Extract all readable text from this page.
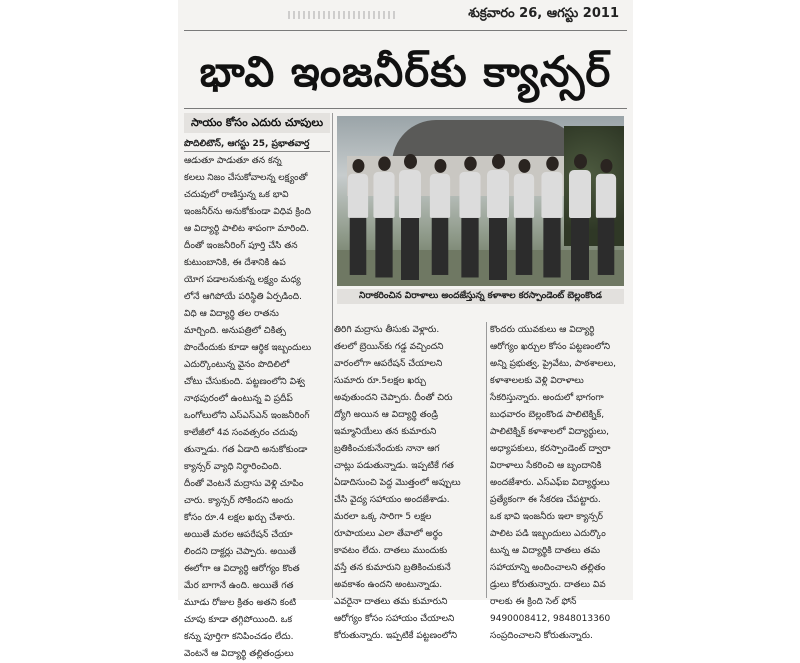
శుక్రవారం 26, ఆగస్టు 2011
భావి ఇంజనీర్‌కు క్యాన్సర్
సాయం కోసం ఎదురు చూపులు
పొదిలిటౌన్, ఆగస్టు 25, ప్రభాతవార్త
నిరాకరించిన విరాళాలు అందజేస్తున్న కళాశాల కరస్పాండెంట్ బెల్లంకొండ

ఆడుతూ పాడుతూ తన కన్న

కలలు నిజం చేసుకోవాలన్న లక్ష్యంతో

చదువులో రాణిస్తున్న ఒక భావి

ఇంజనీర్‌ను అనుకోకుండా విధివ క్రింది

ఆ విద్యార్థి పాలిట శాపంగా మారింది.

దీంతో ఇంజనీరింగ్ పూర్తి చేసి తన

కుటుంబానికి, ఈ దేశానికి ఉప

యోగ పడాలనుకున్న లక్ష్యం మధ్య

లోనే ఆగిపోయే పరిస్థితి ఏర్పడింది.

విధి ఆ విద్యార్థి తల రాతను

మార్చింది. అనుపత్రిలో చికిత్స

పొందేందుకు కూడా ఆర్థిక ఇబ్బందులు

ఎదుర్కొంటున్న వైనం పొదిలిలో

చోటు చేసుకుంది. పట్టణంలోని విశ్వ

నాథపురంలో ఉంటున్న వి ప్రదీప్

ఒంగోలులోని ఎస్‌ఎస్‌ఎన్ ఇంజనీరింగ్

కాలేజీలో 4వ సంవత్సరం చదువు

తున్నాడు. గత ఏడాది అనుకోకుండా

క్యాన్సర్ వ్యాధి నిర్ధారించింది.

దీంతో వెంటనే మద్రాసు వెళ్లి చూపిం

చారు. క్యాన్సర్ సోకిందని అందు

కోసం రూ.4 లక్షల ఖర్చు చేశారు.

అయితే మరల ఆపరేషన్ చేయా

లిందని దాక్టర్లు చెప్పారు. అయితే

ఈలోగా ఆ విద్యార్థి ఆరోగ్యం కొంత

మేర బాగానే ఉంది. అయితే గత

మూడు రోజుల క్రితం అతని కంటి

చూపు కూడా తగ్గిపోయింది. ఒక

కన్ను పూర్తిగా కనిపించడం లేదు.

వెంటనే ఆ విద్యార్థి తల్లితండ్రులు

తిరిగి మద్రాసు తీసుకు వెళ్లారు.

తలలో బ్రెయిన్‌కు గడ్డ వచ్చిందని

వారంలోగా ఆపరేషన్ చేయాలని

సుమారు రూ.5లక్షల ఖర్చు

అవుతుందని చెప్పారు. దీంతో చిరు

ద్యోగి అయిన ఆ విద్యార్థి తండ్రి

ఇమ్మానియేలు తన కుమారుని

బ్రతికించుకునేందుకు నానా ఆగ

చాట్లు పడుతున్నాడు. ఇప్పటికే గత

ఏడాదిసుంచి పెద్ద మొత్తంలో అప్పులు

చేసి వైద్య సహాయం అందజేశాడు.

మరలా ఒక్క సారిగా 5 లక్షల

రూపాయలు ఎలా తేవాలో అర్థం

కావటం లేదు. దాతలు ముందుకు

వస్తే తన కుమారుని బ్రతికించుకునే

అవకాశం ఉందని అంటున్నాడు.

ఎవరైనా దాతలు తమ కుమారుని

ఆరోగ్యం కోసం సహాయం చేయాలని

కోరుతున్నారు. ఇప్పటికే పట్టణంలోని

కొందరు యువకులు ఆ విద్యార్థి

ఆరోగ్యం ఖర్చుల కోసం పట్టణంలోని

అన్ని ప్రభుత్వ, ప్రైవేటు, పాఠశాలలు,

కళాశాలలకు వెళ్లి విరాళాలు

సేకరిస్తున్నారు. అందులో భాగంగా

బుధవారం బెల్లంకొండ పాలిటెక్నిక్,

పాలిటెక్నిక్ కళాశాలలో విద్యార్థులు,

అధ్యాపకులు, కరస్పాండెంట్ ద్వారా

విరాళాలు సేకరించి ఆ బృందానికి

అందజేశారు. ఎస్‌ఎఫ్‌ఐ విద్యార్థులు

ప్రత్యేకంగా ఈ సేకరణ చేపట్టారు.

ఒక భావి ఇంజనీరు ఇలా క్యాన్సర్

పాలిట పడి ఇబ్బందులు ఎదుర్కొం

టున్న ఆ విద్యార్థికి దాతలు తమ

సహాయాన్ని అందించాలని తల్లితం

డ్రులు కోరుతున్నారు. దాతలు వివ

రాలకు ఈ క్రింది సెల్ ఫోన్

9490008412, 9848013360

సంప్రదించాలని కోరుతున్నారు.
